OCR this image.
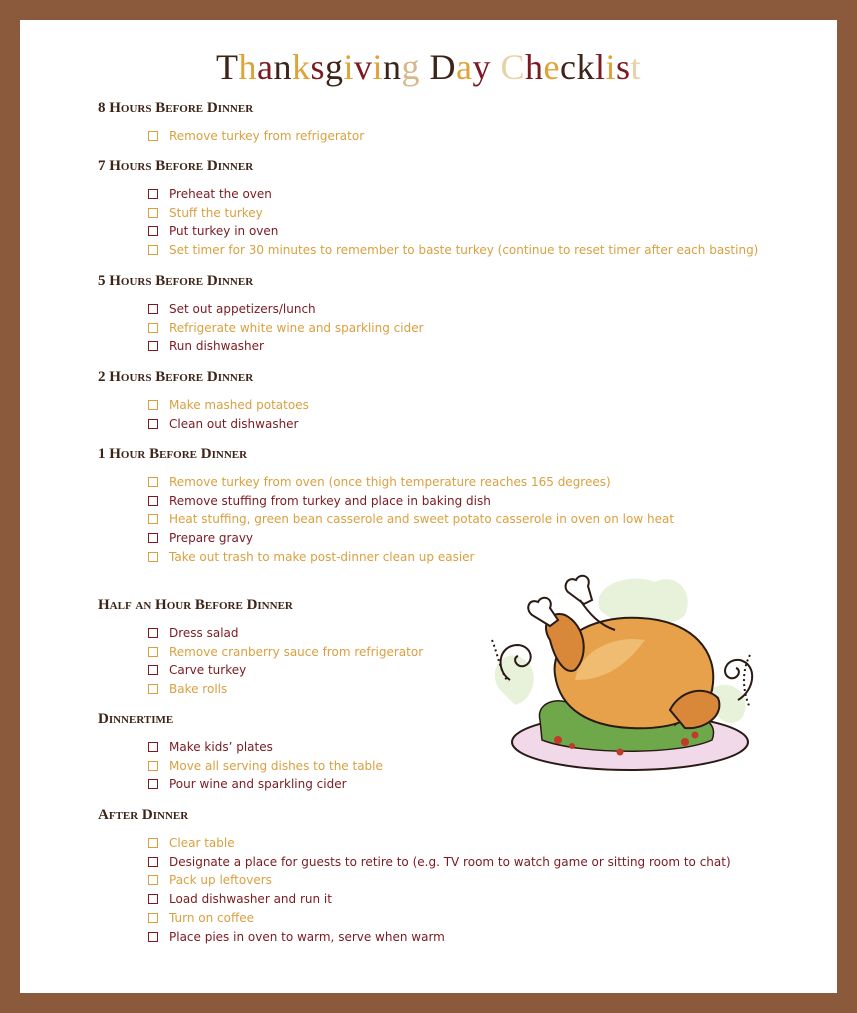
Thanksgiving Day Checklist
8 Hours Before Dinner
Remove turkey from refrigerator
7 Hours Before Dinner
Preheat the oven
Stuff the turkey
Put turkey in oven
Set timer for 30 minutes to remember to baste turkey (continue to reset timer after each basting)
5 Hours Before Dinner
Set out appetizers/lunch
Refrigerate white wine and sparkling cider
Run dishwasher
2 Hours Before Dinner
Make mashed potatoes
Clean out dishwasher
1 Hour Before Dinner
Remove turkey from oven (once thigh temperature reaches 165 degrees)
Remove stuffing from turkey and place in baking dish
Heat stuffing, green bean casserole and sweet potato casserole in oven on low heat
Prepare gravy
Take out trash to make post-dinner clean up easier
Half an Hour Before Dinner
Dress salad
Remove cranberry sauce from refrigerator
Carve turkey
Bake rolls
Dinnertime
Make kids’ plates
Move all serving dishes to the table
Pour wine and sparkling cider
After Dinner
Clear table
Designate a place for guests to retire to (e.g. TV room to watch game or sitting room to chat)
Pack up leftovers
Load dishwasher and run it
Turn on coffee
Place pies in oven to warm, serve when warm
